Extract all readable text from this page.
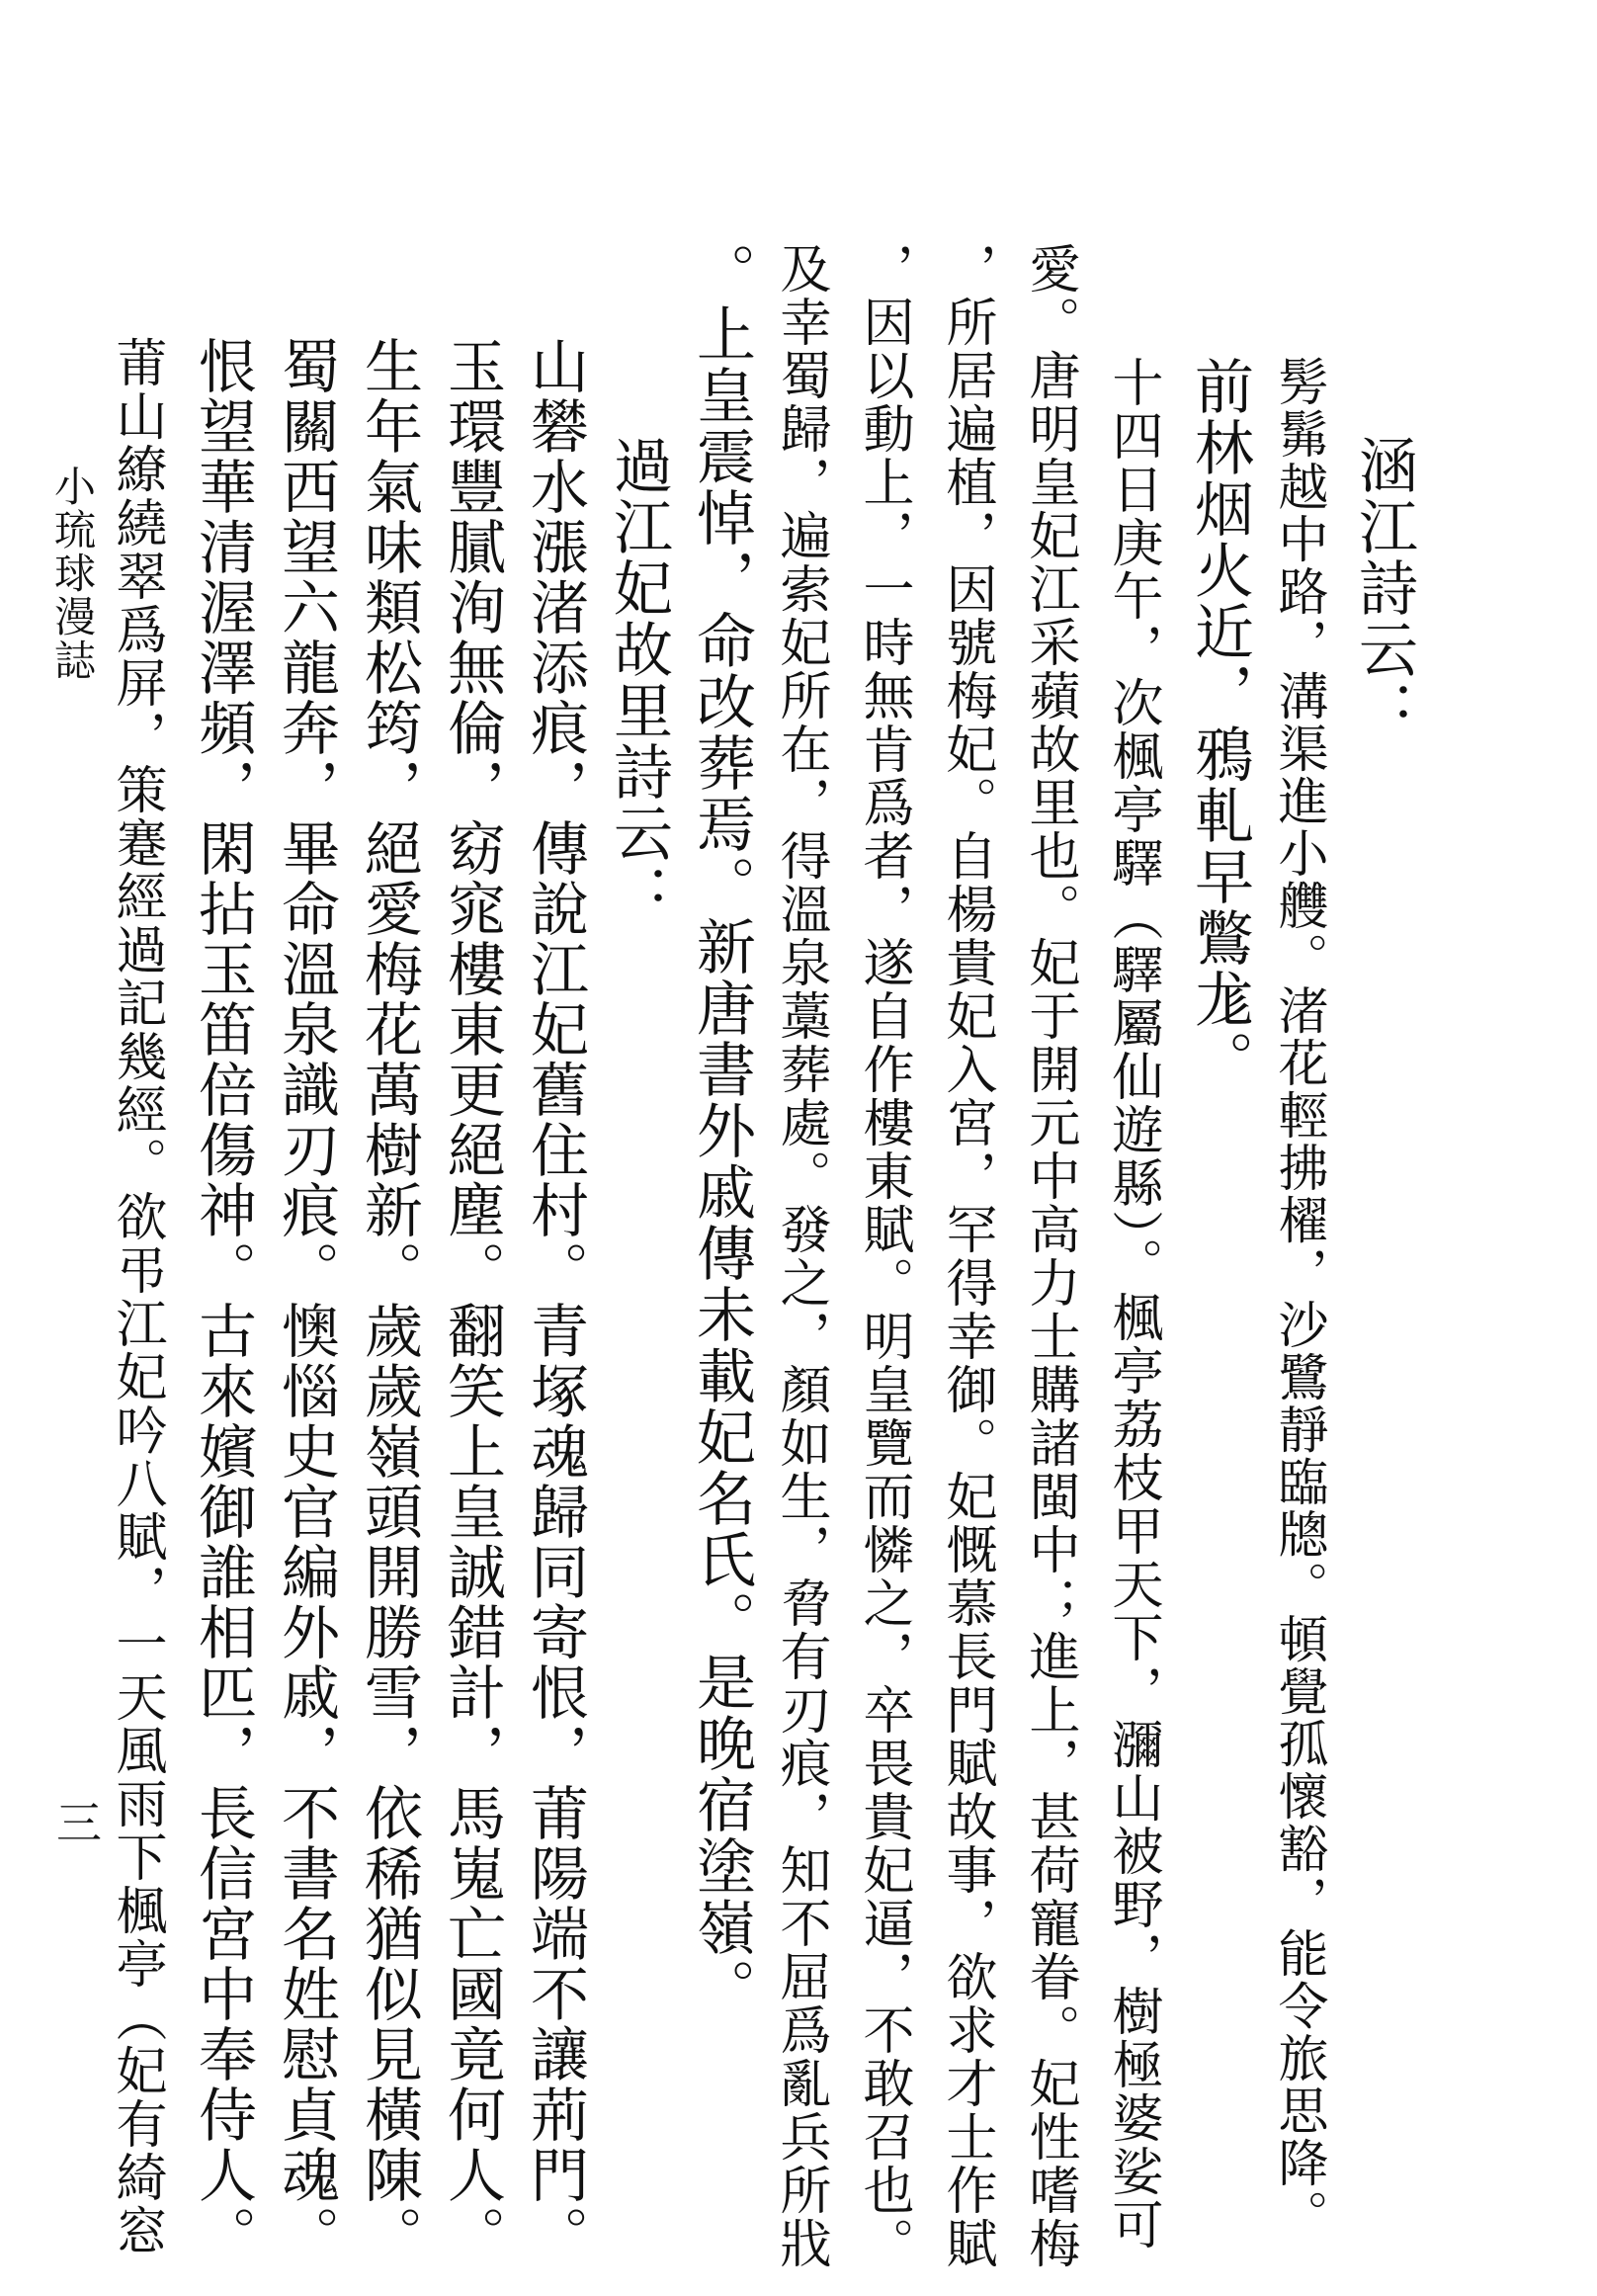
涵江詩云：
髣髴越中路，溝渠進小艭。渚花輕拂櫂，沙鷺靜臨牕。頓覺孤懷豁，能令旅思降。
前林烟火近，鴉軋早鷩尨。
十四日庚午，次楓亭驛（驛屬仙遊縣）。楓亭荔枝甲天下，瀰山被野，樹極婆娑可
愛。唐明皇妃江采蘋故里也。妃于開元中高力士購諸閩中；進上，甚荷寵眷。妃性嗜梅
，所居遍植，因號梅妃。自楊貴妃入宮，罕得幸御。妃慨慕長門賦故事，欲求才士作賦
，因以動上，一時無肯爲者，遂自作樓東賦。明皇覽而憐之，卒畏貴妃逼，不敢召也。
及幸蜀歸，遍索妃所在，得溫泉藁葬處。發之，顏如生，脅有刃痕，知不屈爲亂兵所戕
。上皇震悼，命改葬焉。新唐書外戚傳未載妃名氏。是晚宿塗嶺。
過江妃故里詩云：
山礬水漲渚添痕，傳說江妃舊住村。青塚魂歸同寄恨，莆陽端不讓荊門。
玉環豐膩洵無倫，窈窕樓東更絕塵。翻笑上皇誠錯計，馬嵬亡國竟何人。
生年氣味類松筠，絕愛梅花萬樹新。歲歲嶺頭開勝雪，依稀猶似見橫陳。
蜀關西望六龍奔，畢命溫泉識刃痕。懊惱史官編外戚，不書名姓慰貞魂。
恨望華清渥澤頻，閑拈玉笛倍傷神。古來嬪御誰相匹，長信宮中奉侍人。
莆山繚繞翠爲屏，策蹇經過記幾經。欲弔江妃吟八賦，一天風雨下楓亭（妃有綺窓
小琉球漫誌
三
